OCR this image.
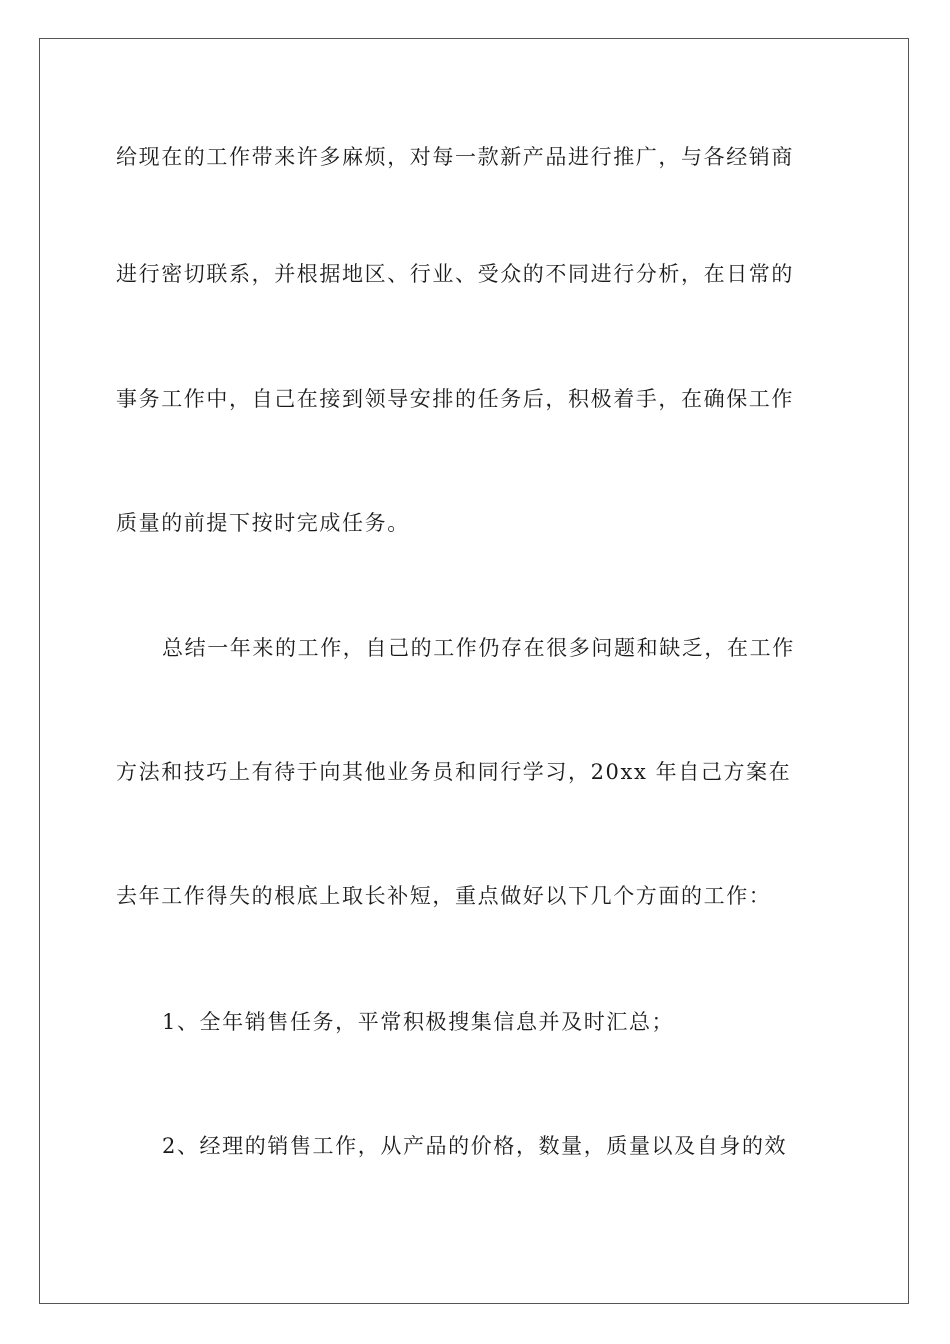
给现在的工作带来许多麻烦，对每一款新产品进行推广，与各经销商
进行密切联系，并根据地区、行业、受众的不同进行分析，在日常的
事务工作中，自己在接到领导安排的任务后，积极着手，在确保工作
质量的前提下按时完成任务。
总结一年来的工作，自己的工作仍存在很多问题和缺乏，在工作
方法和技巧上有待于向其他业务员和同行学习，20xx 年自己方案在
去年工作得失的根底上取长补短，重点做好以下几个方面的工作：
1、全年销售任务，平常积极搜集信息并及时汇总；
2、经理的销售工作，从产品的价格，数量，质量以及自身的效
